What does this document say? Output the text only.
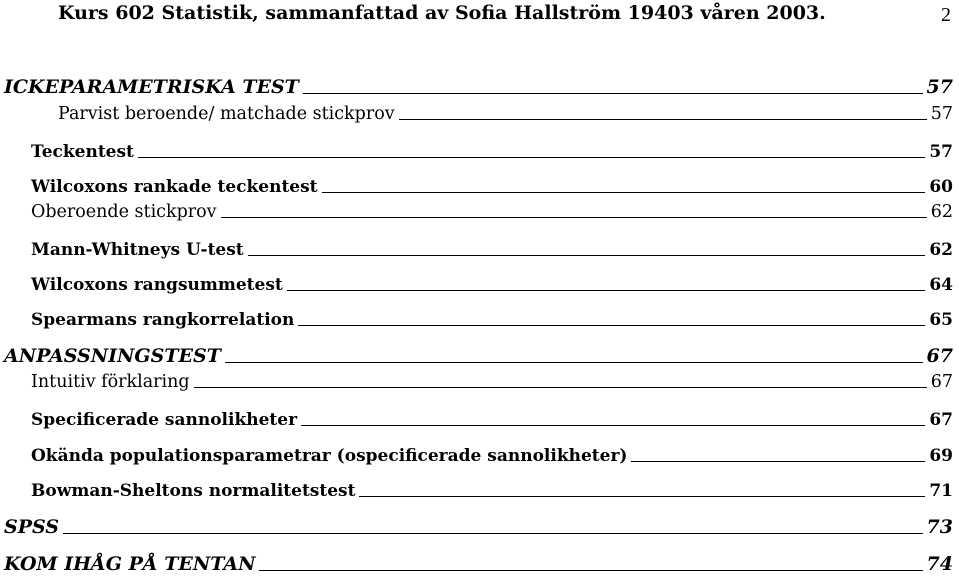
Kurs 602 Statistik, sammanfattad av Sofia Hallström 19403 våren 2003.	2
ICKEPARAMETRISKA TEST	57
Parvist beroende/ matchade stickprov	57
Teckentest	57
Wilcoxons rankade teckentest	60
Oberoende stickprov	62
Mann-Whitneys U-test	62
Wilcoxons rangsummetest	64
Spearmans rangkorrelation	65
ANPASSNINGSTEST	67
Intuitiv förklaring	67
Specificerade sannolikheter	67
Okända populationsparametrar (ospecificerade sannolikheter)	69
Bowman-Sheltons normalitetstest	71
SPSS	73
KOM IHÅG PÅ TENTAN	74
